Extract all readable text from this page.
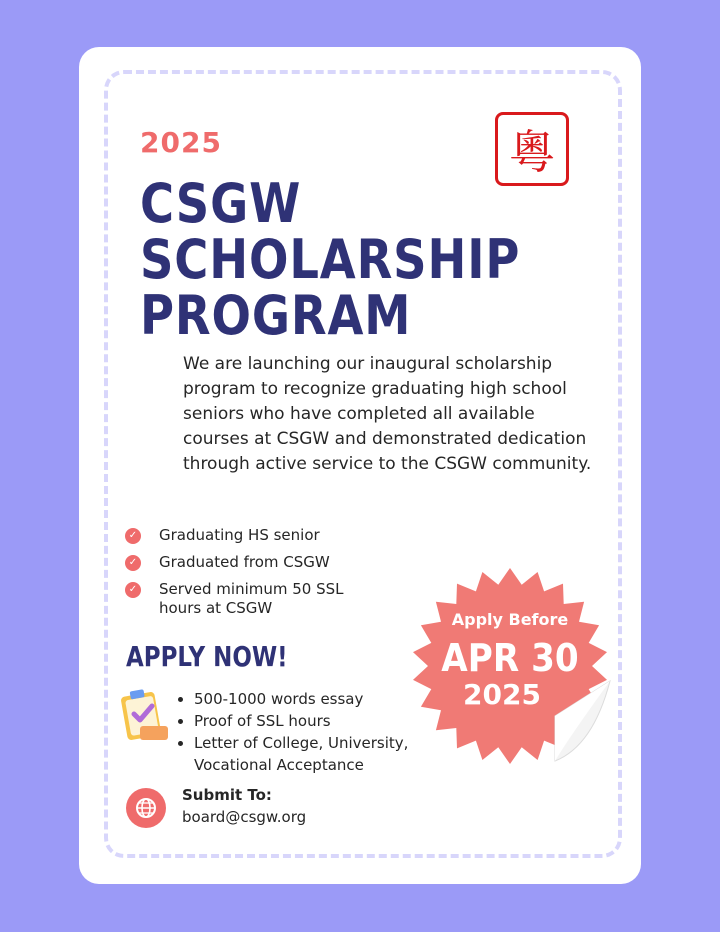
2025	粵
CSGW
SCHOLARSHIP
PROGRAM
We are launching our inaugural scholarship program to recognize graduating high school seniors who have completed all available courses at CSGW and demonstrated dedication through active service to the CSGW community.
✓ Graduating HS senior
✓ Graduated from CSGW
✓ Served minimum 50 SSL hours at CSGW
APPLY NOW!
500-1000 words essay
Proof of SSL hours
Letter of College, University, Vocational Acceptance
Submit To:
board@csgw.org
Apply Before
APR 30
2025
